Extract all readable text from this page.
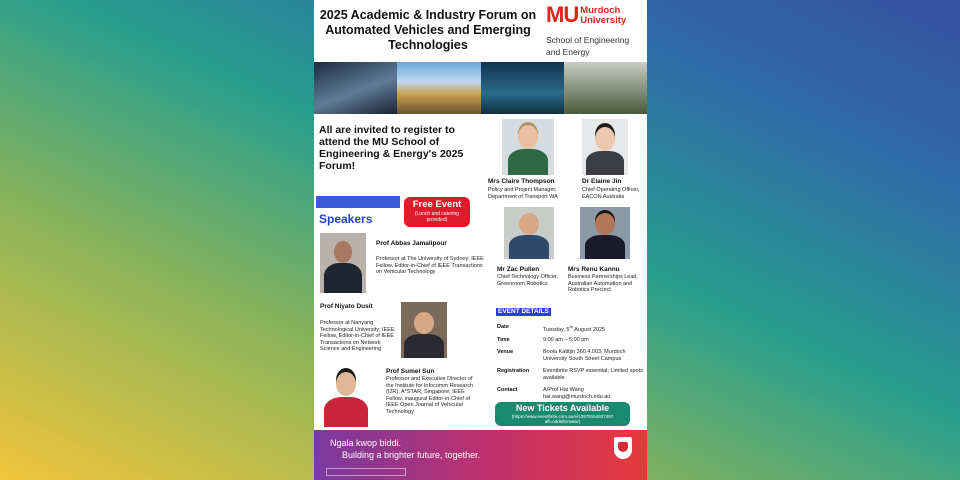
2025 Academic & Industry Forum on Automated Vehicles and Emerging Technologies
MU Murdoch
University
School of Engineering
and Energy
All are invited to register to attend the MU School of Engineering & Energy's 2025 Forum!
Free Event
(Lunch and catering provided)
Speakers
Prof Abbas Jamalipour
Professor at The University of Sydney; IEEE Fellow, Editor-in-Chief of IEEE Transactions on Vehicular Technology
Prof Niyato Dusit
Professor at Nanyang Technological University; IEEE Fellow, Editor-in-Chief of IEEE Transactions on Network Science and Engineering
Prof Sumei Sun
Professor and Executive Director of the Institute for Infocomm Research (I2R), A*STAR, Singapore; IEEE Fellow, inaugural Editor-in-Chief of IEEE Open Journal of Vehicular Technology
Mrs Claire Thompson
Policy and Project Manager, Department of Transport WA
Dr Elaine Jin
Chief Operating Officer, EACON Australia
Mr Zac Pullen
Chief Technology Officer, Greenroom Robotics
Mrs Renu Kannu
Business Partnerships Lead, Australian Automation and Robotics Precinct
EVENT DETAILS
Date	Tuesday, 5th August 2025
Time	9:00 am – 5:00 pm
Venue	Boola Katitjin 360.4.003, Murdoch University South Street Campus
Registration	Eventbrite RSVP essential; Limited spots available
Contact	A/Prof Hai Wang
hai.wang@murdoch.edu.au
New Tickets Available
(https://www.eventbrite.com.au/e/1397815492749?aff=oddtdtcreator)
Ngala kwop biddi.
Building a brighter future, together.
